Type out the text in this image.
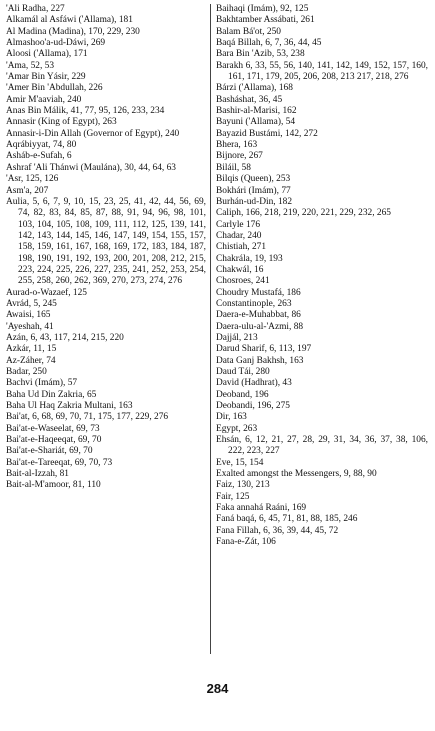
'Ali Radha, 227

Alkamál al Asfáwi ('Allama), 181

Al Madina (Madina), 170, 229, 230

Almashoo'a-ud-Dáwi, 269

Aloosi ('Allama), 171

'Ama, 52, 53

'Amar Bin Yásir, 229

'Amer Bin 'Abdullah, 226

Amir M'aaviah, 240

Anas Bin Málik, 41, 77, 95, 126, 233, 234

Annasir (King of Egypt), 263

Annasir-i-Din Allah (Governor of Egypt), 240

Aqrábiyyat, 74, 80

Asháb-e-Sufah, 6

Ashraf 'Ali Thánwi (Maulána), 30, 44, 64, 63

'Asr, 125, 126

Asm'a, 207

Aulia, 5, 6, 7, 9, 10, 15, 23, 25, 41, 42, 44, 56, 69, 74, 82, 83, 84, 85, 87, 88, 91, 94, 96, 98, 101, 103, 104, 105, 108, 109, 111, 112, 125, 139, 141, 142, 143, 144, 145, 146, 147, 149, 154, 155, 157, 158, 159, 161, 167, 168, 169, 172, 183, 184, 187, 198, 190, 191, 192, 193, 200, 201, 208, 212, 215, 223, 224, 225, 226, 227, 235, 241, 252, 253, 254, 255, 258, 260, 262, 369, 270, 273, 274, 276

Aurad-o-Wazaef, 125

Avrád, 5, 245

Awaisi, 165

'Ayeshah, 41

Azán, 6, 43, 117, 214, 215, 220

Azkár, 11, 15

Az-Záher, 74

Badar, 250

Bachvi (Imám), 57

Baha Ud Din Zakria, 65

Baha Ul Haq Zakria Multani, 163

Bai'at, 6, 68, 69, 70, 71, 175, 177, 229, 276

Bai'at-e-Waseelat, 69, 73

Bai'at-e-Haqeeqat, 69, 70

Bai'at-e-Shariát, 69, 70

Bai'at-e-Tareeqat, 69, 70, 73

Bait-al-Izzah, 81

Bait-al-M'amoor, 81, 110

Baihaqi (Imám), 92, 125

Bakhtamber Assábati, 261

Balam Bá'ot, 250

Baqá Billah, 6, 7, 36, 44, 45

Bara Bin 'Azib, 53, 238

Barakh 6, 33, 55, 56, 140, 141, 142, 149, 152, 157, 160, 161, 171, 179, 205, 206, 208, 213 217, 218, 276

Bárzi ('Allama), 168

Basháshat, 36, 45

Bashir-al-Marisi, 162

Bayuni ('Allama), 54

Bayazid Bustámi, 142, 272

Bhera, 163

Bijnore, 267

Biláil, 58

Bilqis (Queen), 253

Bokhári (Imám), 77

Burhán-ud-Din, 182

Caliph, 166, 218, 219, 220, 221, 229, 232, 265

Carlyle 176

Chadar, 240

Chistiah, 271

Chakrála, 19, 193

Chakwál, 16

Chosroes, 241

Choudry Mustafá, 186

Constantinople, 263

Daera-e-Muhabbat, 86

Daera-ulu-al-'Azmi, 88

Dajjál, 213

Darud Sharif, 6, 113, 197

Data Ganj Bakhsh, 163

Daud Tái, 280

David (Hadhrat), 43

Deoband, 196

Deobandi, 196, 275

Dir, 163

Egypt, 263

Ehsán, 6, 12, 21, 27, 28, 29, 31, 34, 36, 37, 38, 106, 222, 223, 227

Eve, 15, 154

Exalted amongst the Messengers, 9, 88, 90

Faiz, 130, 213

Fair, 125

Faka annahá Raáni, 169

Faná baqá, 6, 45, 71, 81, 88, 185, 246

Fana Fillah, 6, 36, 39, 44, 45, 72

Fana-e-Zát, 106

284
